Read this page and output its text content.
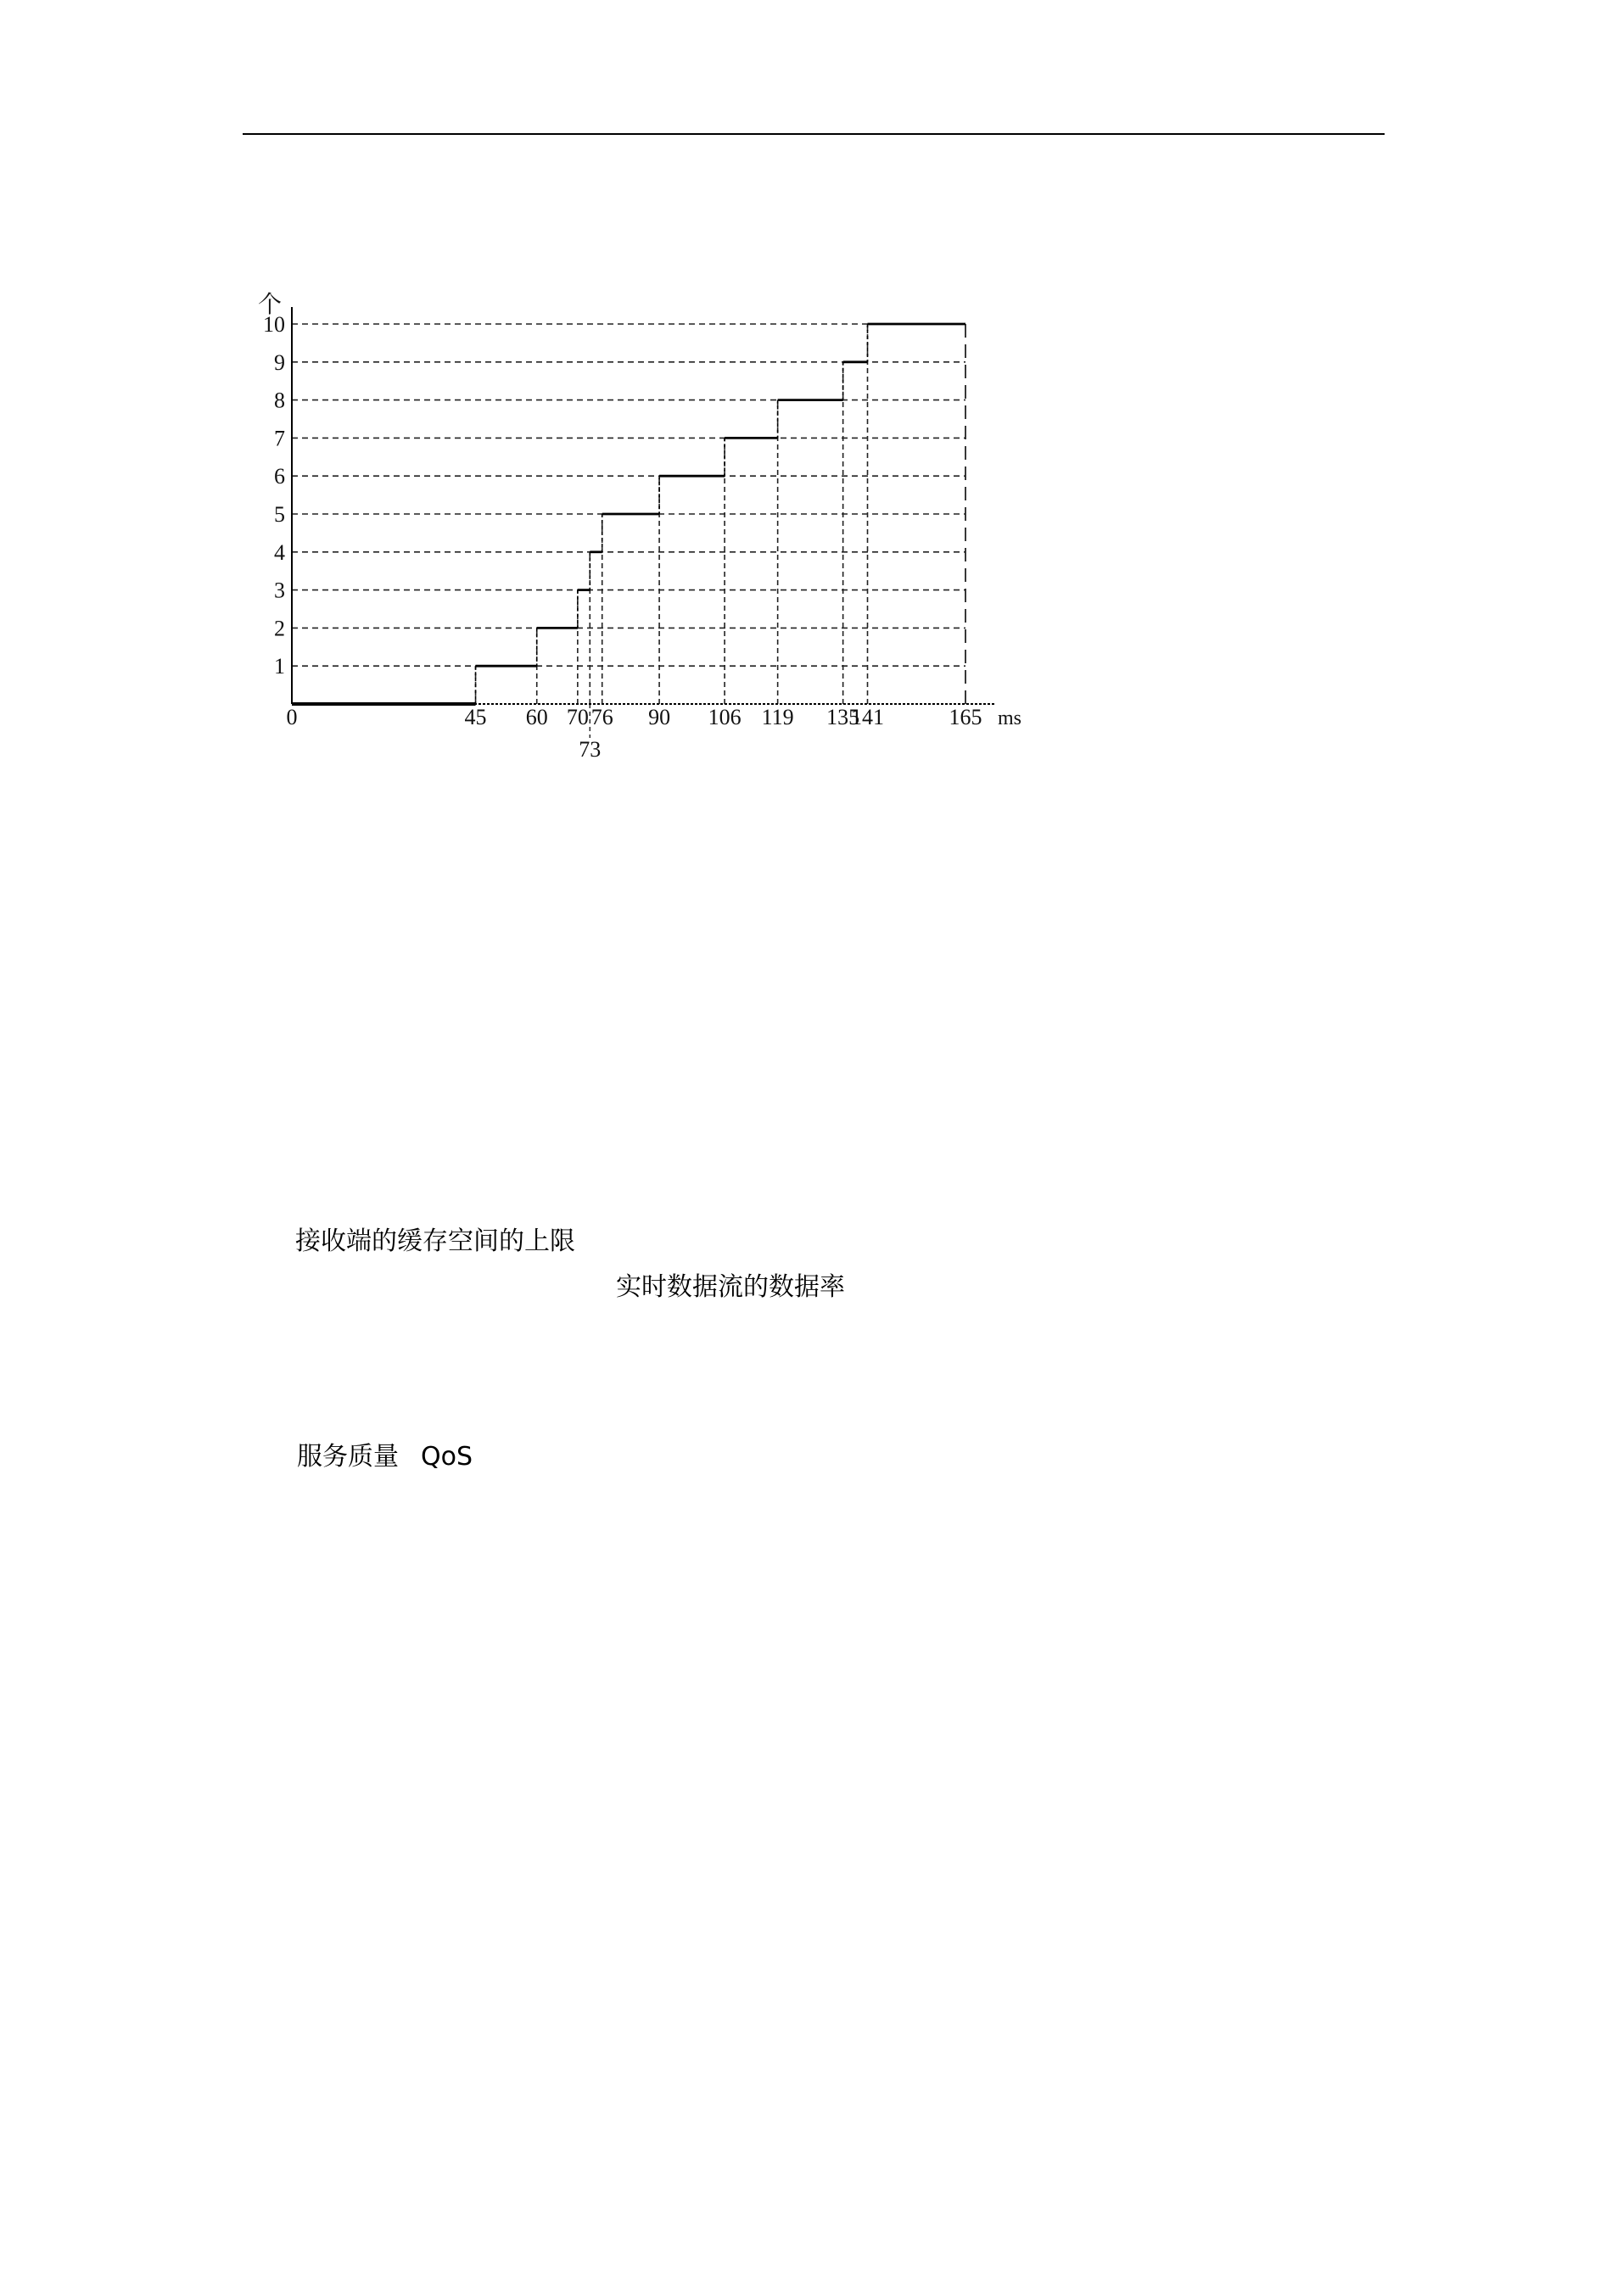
1
2
3
4
5
6
7
8
9
10
0	45 60 70
73
76 90 106 119 135
141	165
个
ms
接收端的缓存空间的上限
实时数据流的数据率
服务质量 QoS
